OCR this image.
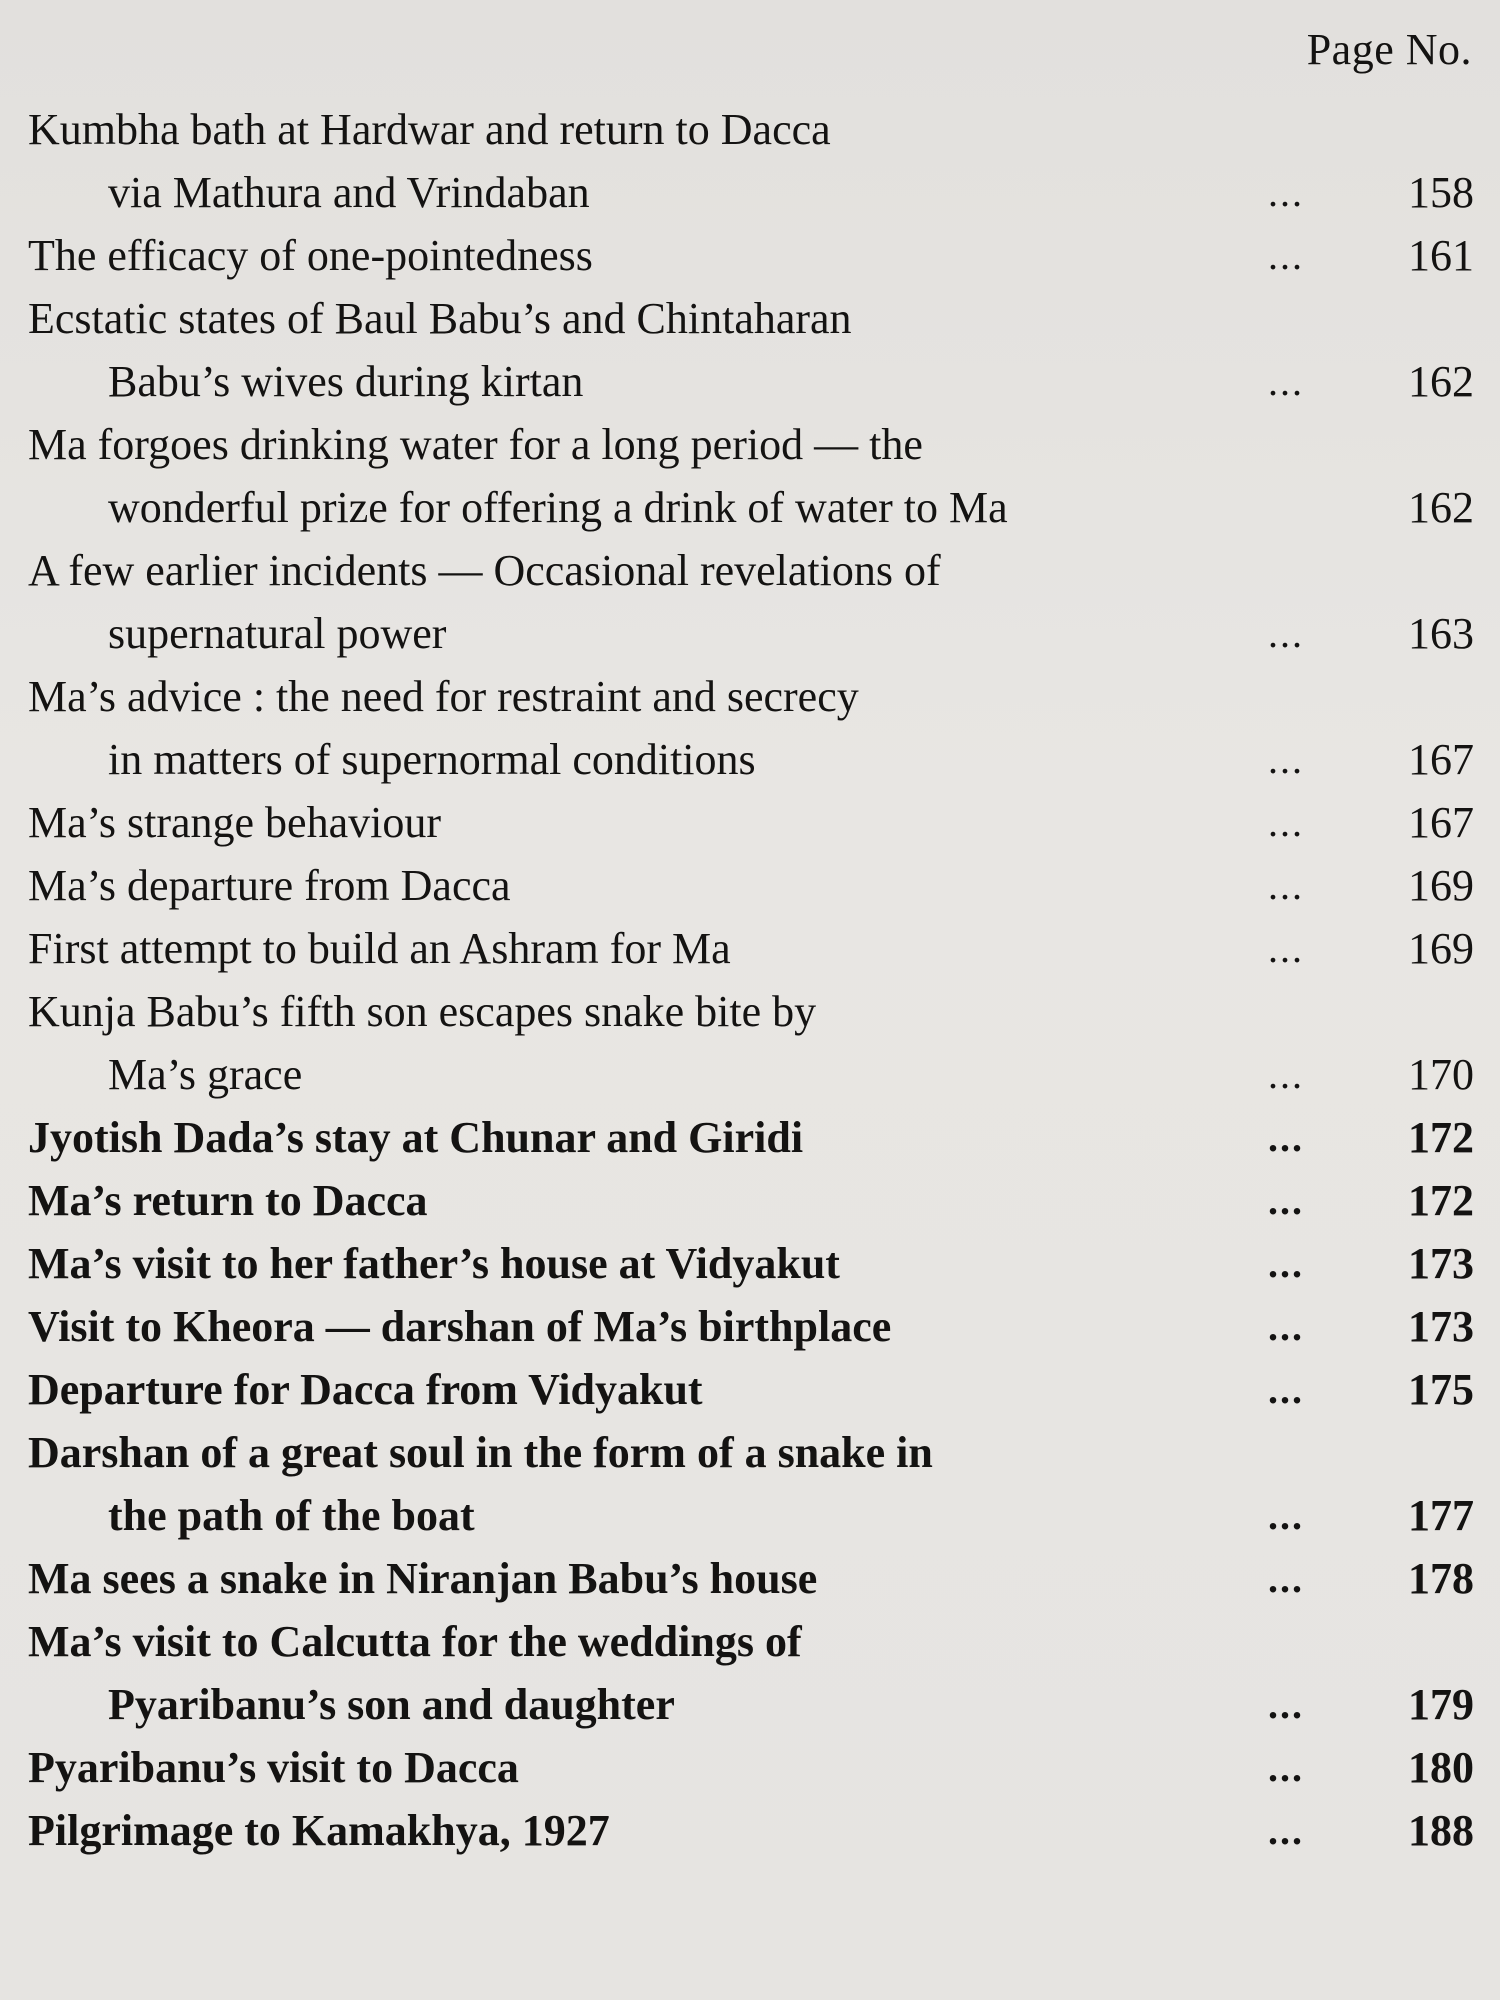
Page No.
Kumbha bath at Hardwar and return to Dacca
via Mathura and Vrindaban	...	158
The efficacy of one-pointedness	...	161
Ecstatic states of Baul Babu’s and Chintaharan
Babu’s wives during kirtan	...	162
Ma forgoes drinking water for a long period — the
wonderful prize for offering a drink of water to Ma	162
A few earlier incidents — Occasional revelations of
supernatural power	...	163
Ma’s advice : the need for restraint and secrecy
in matters of supernormal conditions	...	167
Ma’s strange behaviour	...	167
Ma’s departure from Dacca	...	169
First attempt to build an Ashram for Ma	...	169
Kunja Babu’s fifth son escapes snake bite by
Ma’s grace	...	170
Jyotish Dada’s stay at Chunar and Giridi	...	172
Ma’s return to Dacca	...	172
Ma’s visit to her father’s house at Vidyakut	...	173
Visit to Kheora — darshan of Ma’s birthplace	...	173
Departure for Dacca from Vidyakut	...	175
Darshan of a great soul in the form of a snake in
the path of the boat	...	177
Ma sees a snake in Niranjan Babu’s house	...	178
Ma’s visit to Calcutta for the weddings of
Pyaribanu’s son and daughter	...	179
Pyaribanu’s visit to Dacca	...	180
Pilgrimage to Kamakhya, 1927	...	188
